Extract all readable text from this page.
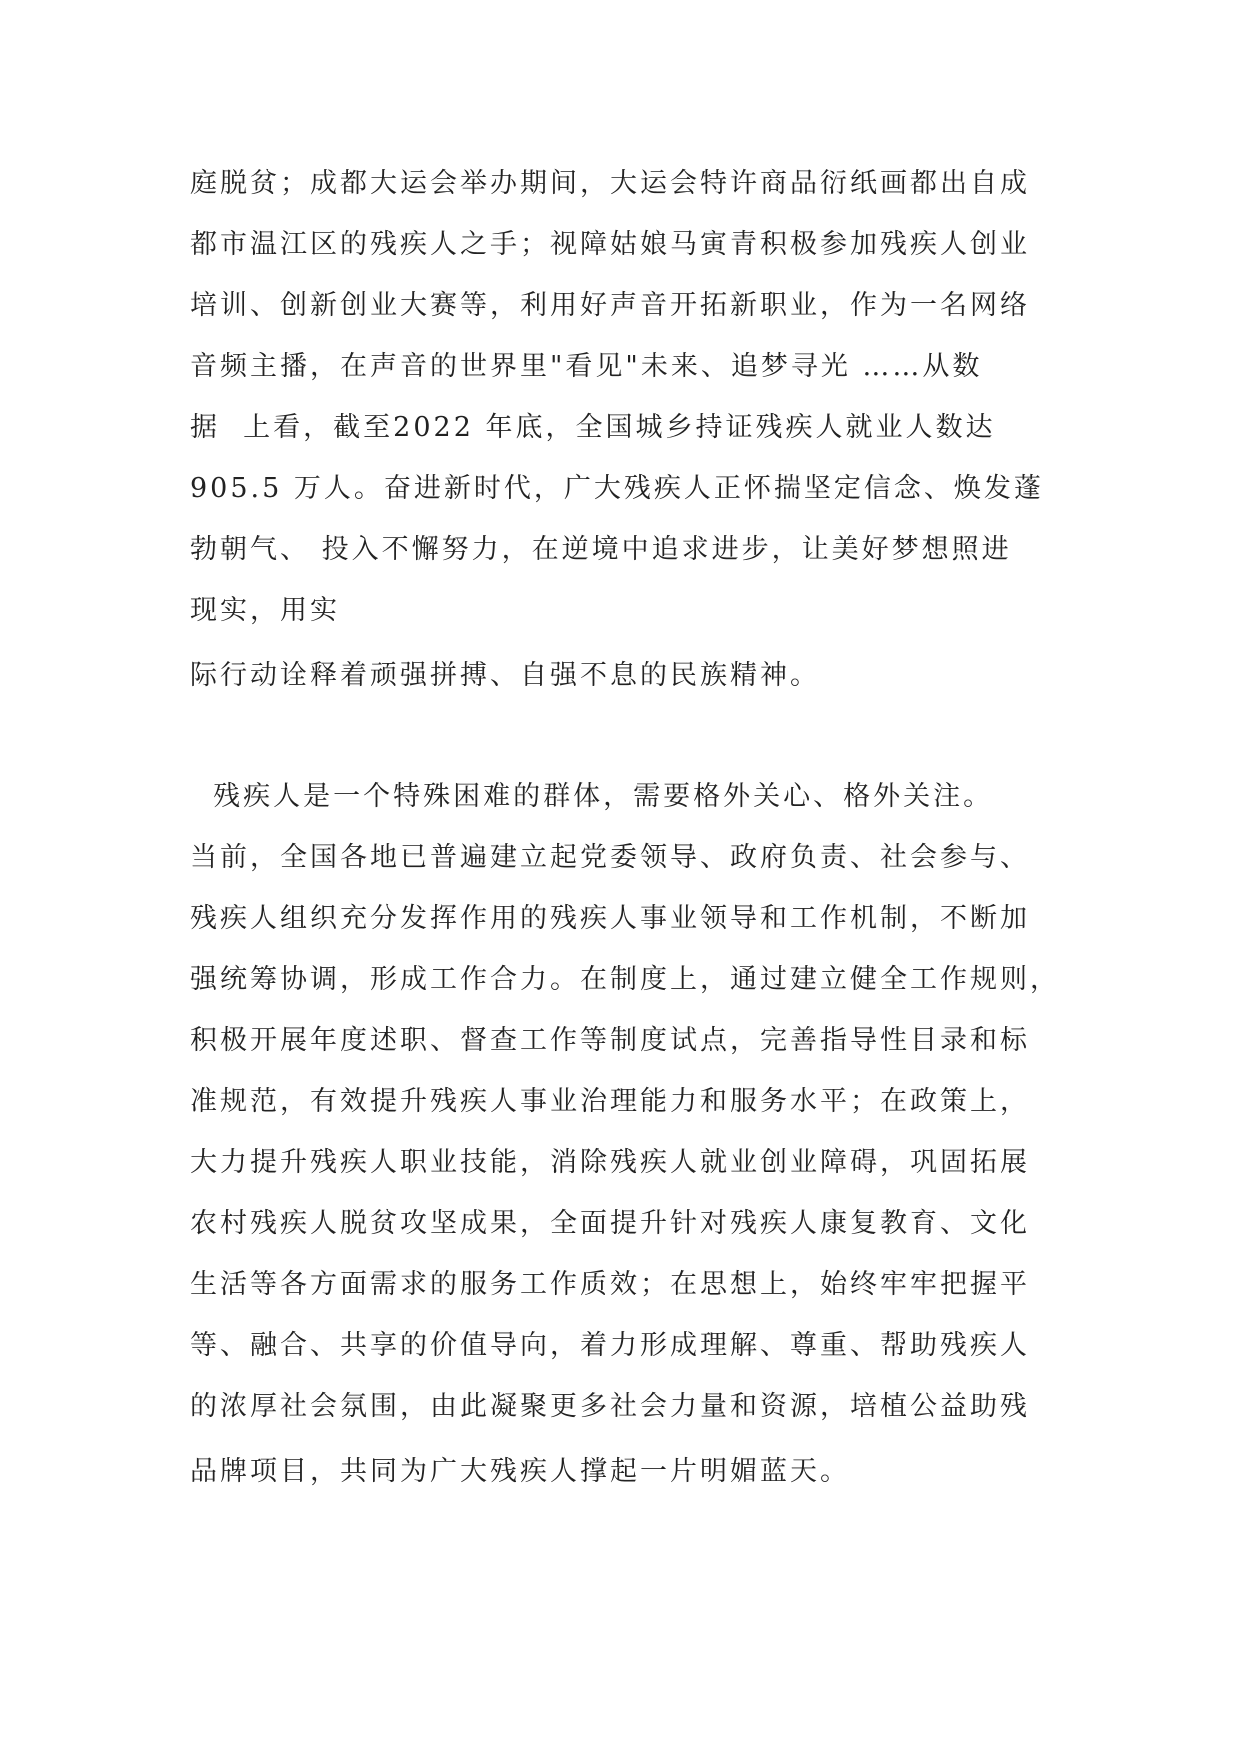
庭脱贫；成都大运会举办期间，大运会特许商品衍纸画都出自成
都市温江区的残疾人之手；视障姑娘马寅青积极参加残疾人创业
培训、创新创业大赛等，利用好声音开拓新职业，作为一名网络
音频主播，在声音的世界里"看见"未来、追梦寻光 ……从数
据  上看，截至2022 年底，全国城乡持证残疾人就业人数达
905.5 万人。奋进新时代，广大残疾人正怀揣坚定信念、焕发蓬
勃朝气、 投入不懈努力，在逆境中追求进步，让美好梦想照进
现实，用实
际行动诠释着顽强拼搏、自强不息的民族精神。
残疾人是一个特殊困难的群体，需要格外关心、格外关注。
当前，全国各地已普遍建立起党委领导、政府负责、社会参与、
残疾人组织充分发挥作用的残疾人事业领导和工作机制，不断加
强统筹协调，形成工作合力。在制度上，通过建立健全工作规则，
积极开展年度述职、督查工作等制度试点，完善指导性目录和标
准规范，有效提升残疾人事业治理能力和服务水平；在政策上，
大力提升残疾人职业技能，消除残疾人就业创业障碍，巩固拓展
农村残疾人脱贫攻坚成果，全面提升针对残疾人康复教育、文化
生活等各方面需求的服务工作质效；在思想上，始终牢牢把握平
等、融合、共享的价值导向，着力形成理解、尊重、帮助残疾人
的浓厚社会氛围，由此凝聚更多社会力量和资源，培植公益助残
品牌项目，共同为广大残疾人撑起一片明媚蓝天。
